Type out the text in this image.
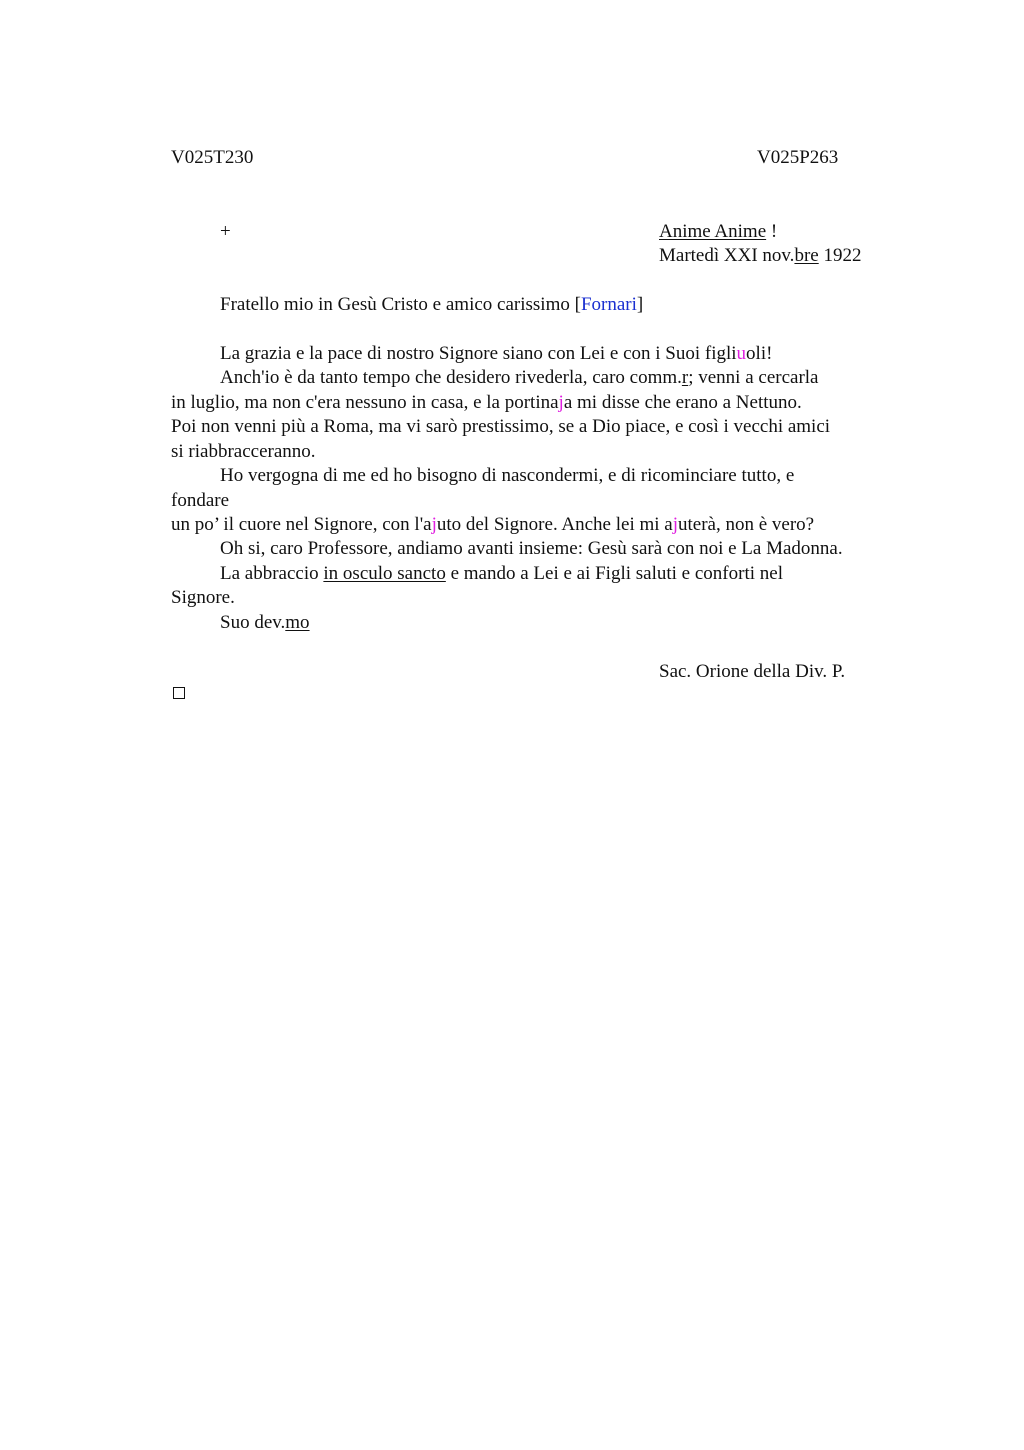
V025T230	V025P263
+	Anime Anime !
Martedì XXI nov.bre 1922
Fratello mio in Gesù Cristo e amico carissimo [Fornari]
La grazia e la pace di nostro Signore siano con Lei e con i Suoi figliuoli!
Anch'io è da tanto tempo che desidero rivederla, caro comm.r; venni a cercarla
in luglio, ma non c'era nessuno in casa, e la portinaja mi disse che erano a Nettuno.
Poi non venni più a Roma, ma vi sarò prestissimo, se a Dio piace, e così i vecchi amici
si riabbracceranno.
Ho vergogna di me ed ho bisogno di nascondermi, e di ricominciare tutto, e
fondare
un po’ il cuore nel Signore, con l'ajuto del Signore. Anche lei mi ajuterà, non è vero?
Oh si, caro Professore, andiamo avanti insieme: Gesù sarà con noi e La Madonna.
La abbraccio in osculo sancto e mando a Lei e ai Figli saluti e conforti nel
Signore.
Suo dev.mo
Sac. Orione della Div. P.
